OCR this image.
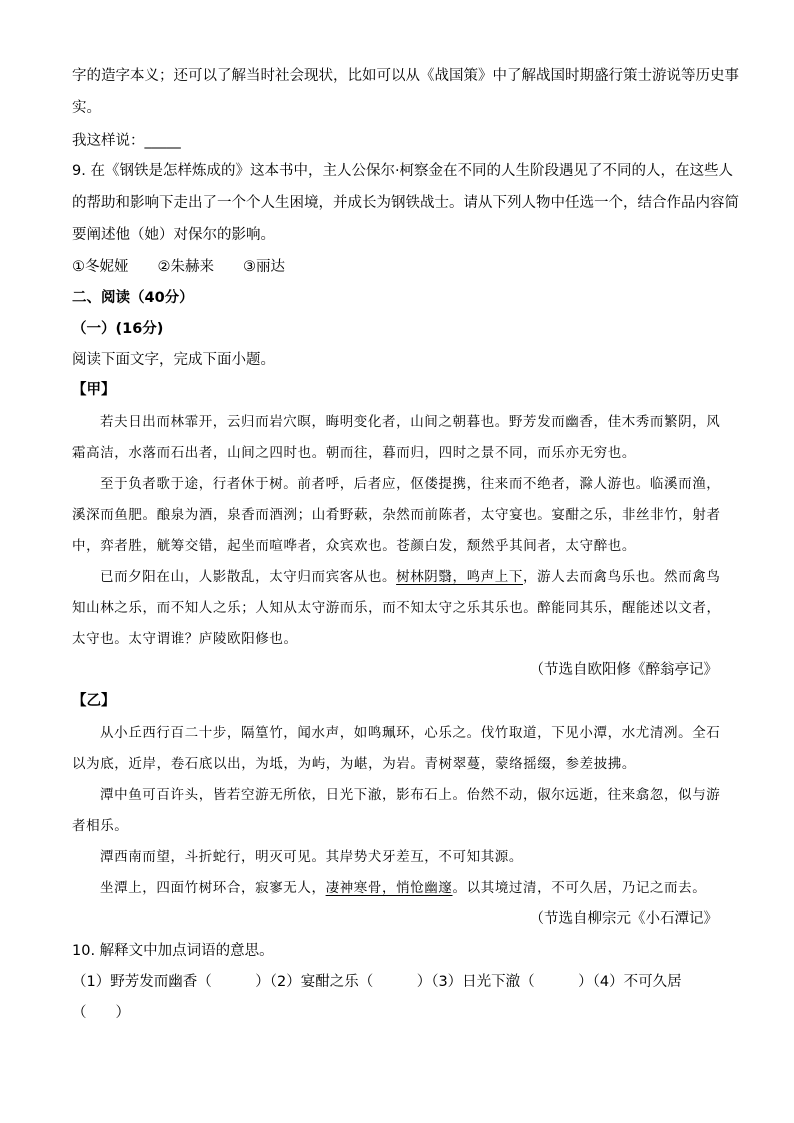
字的造字本义；还可以了解当时社会现状，比如可以从《战国策》中了解战国时期盛行策士游说等历史事
实。
我这样说：_____
9. 在《钢铁是怎样炼成的》这本书中，主人公保尔·柯察金在不同的人生阶段遇见了不同的人，在这些人
的帮助和影响下走出了一个个人生困境，并成长为钢铁战士。请从下列人物中任选一个，结合作品内容简
要阐述他（她）对保尔的影响。
①冬妮娅　　②朱赫来　　③丽达
二、阅读（40分）
（一）(16分)
阅读下面文字，完成下面小题。
【甲】
若夫日出而林霏开，云归而岩穴暝，晦明变化者，山间之朝暮也。野芳发而幽香，佳木秀而繁阴，风
霜高洁，水落而石出者，山间之四时也。朝而往，暮而归，四时之景不同，而乐亦无穷也。
至于负者歌于途，行者休于树。前者呼，后者应，伛偻提携，往来而不绝者，滁人游也。临溪而渔，
溪深而鱼肥。酿泉为酒，泉香而酒洌；山肴野蔌，杂然而前陈者，太守宴也。宴酣之乐，非丝非竹，射者
中，弈者胜，觥筹交错，起坐而喧哗者，众宾欢也。苍颜白发，颓然乎其间者，太守醉也。
已而夕阳在山，人影散乱，太守归而宾客从也。树林阴翳，鸣声上下，游人去而禽鸟乐也。然而禽鸟
知山林之乐，而不知人之乐；人知从太守游而乐，而不知太守之乐其乐也。醉能同其乐，醒能述以文者，
太守也。太守谓谁？庐陵欧阳修也。
（节选自欧阳修《醉翁亭记》
【乙】
从小丘西行百二十步，隔篁竹，闻水声，如鸣珮环，心乐之。伐竹取道，下见小潭，水尤清冽。全石
以为底，近岸，卷石底以出，为坻，为屿，为嵁，为岩。青树翠蔓，蒙络摇缀，参差披拂。
潭中鱼可百许头，皆若空游无所依，日光下澈，影布石上。佁然不动，俶尔远逝，往来翕忽，似与游
者相乐。
潭西南而望，斗折蛇行，明灭可见。其岸势犬牙差互，不可知其源。
坐潭上，四面竹树环合，寂寥无人，凄神寒骨，悄怆幽邃。以其境过清，不可久居，乃记之而去。
（节选自柳宗元《小石潭记》
10. 解释文中加点词语的意思。
（1）野芳发而幽香（　　　）（2）宴酣之乐（　　　）（3）日光下澈（　　　）（4）不可久居
（　　）
